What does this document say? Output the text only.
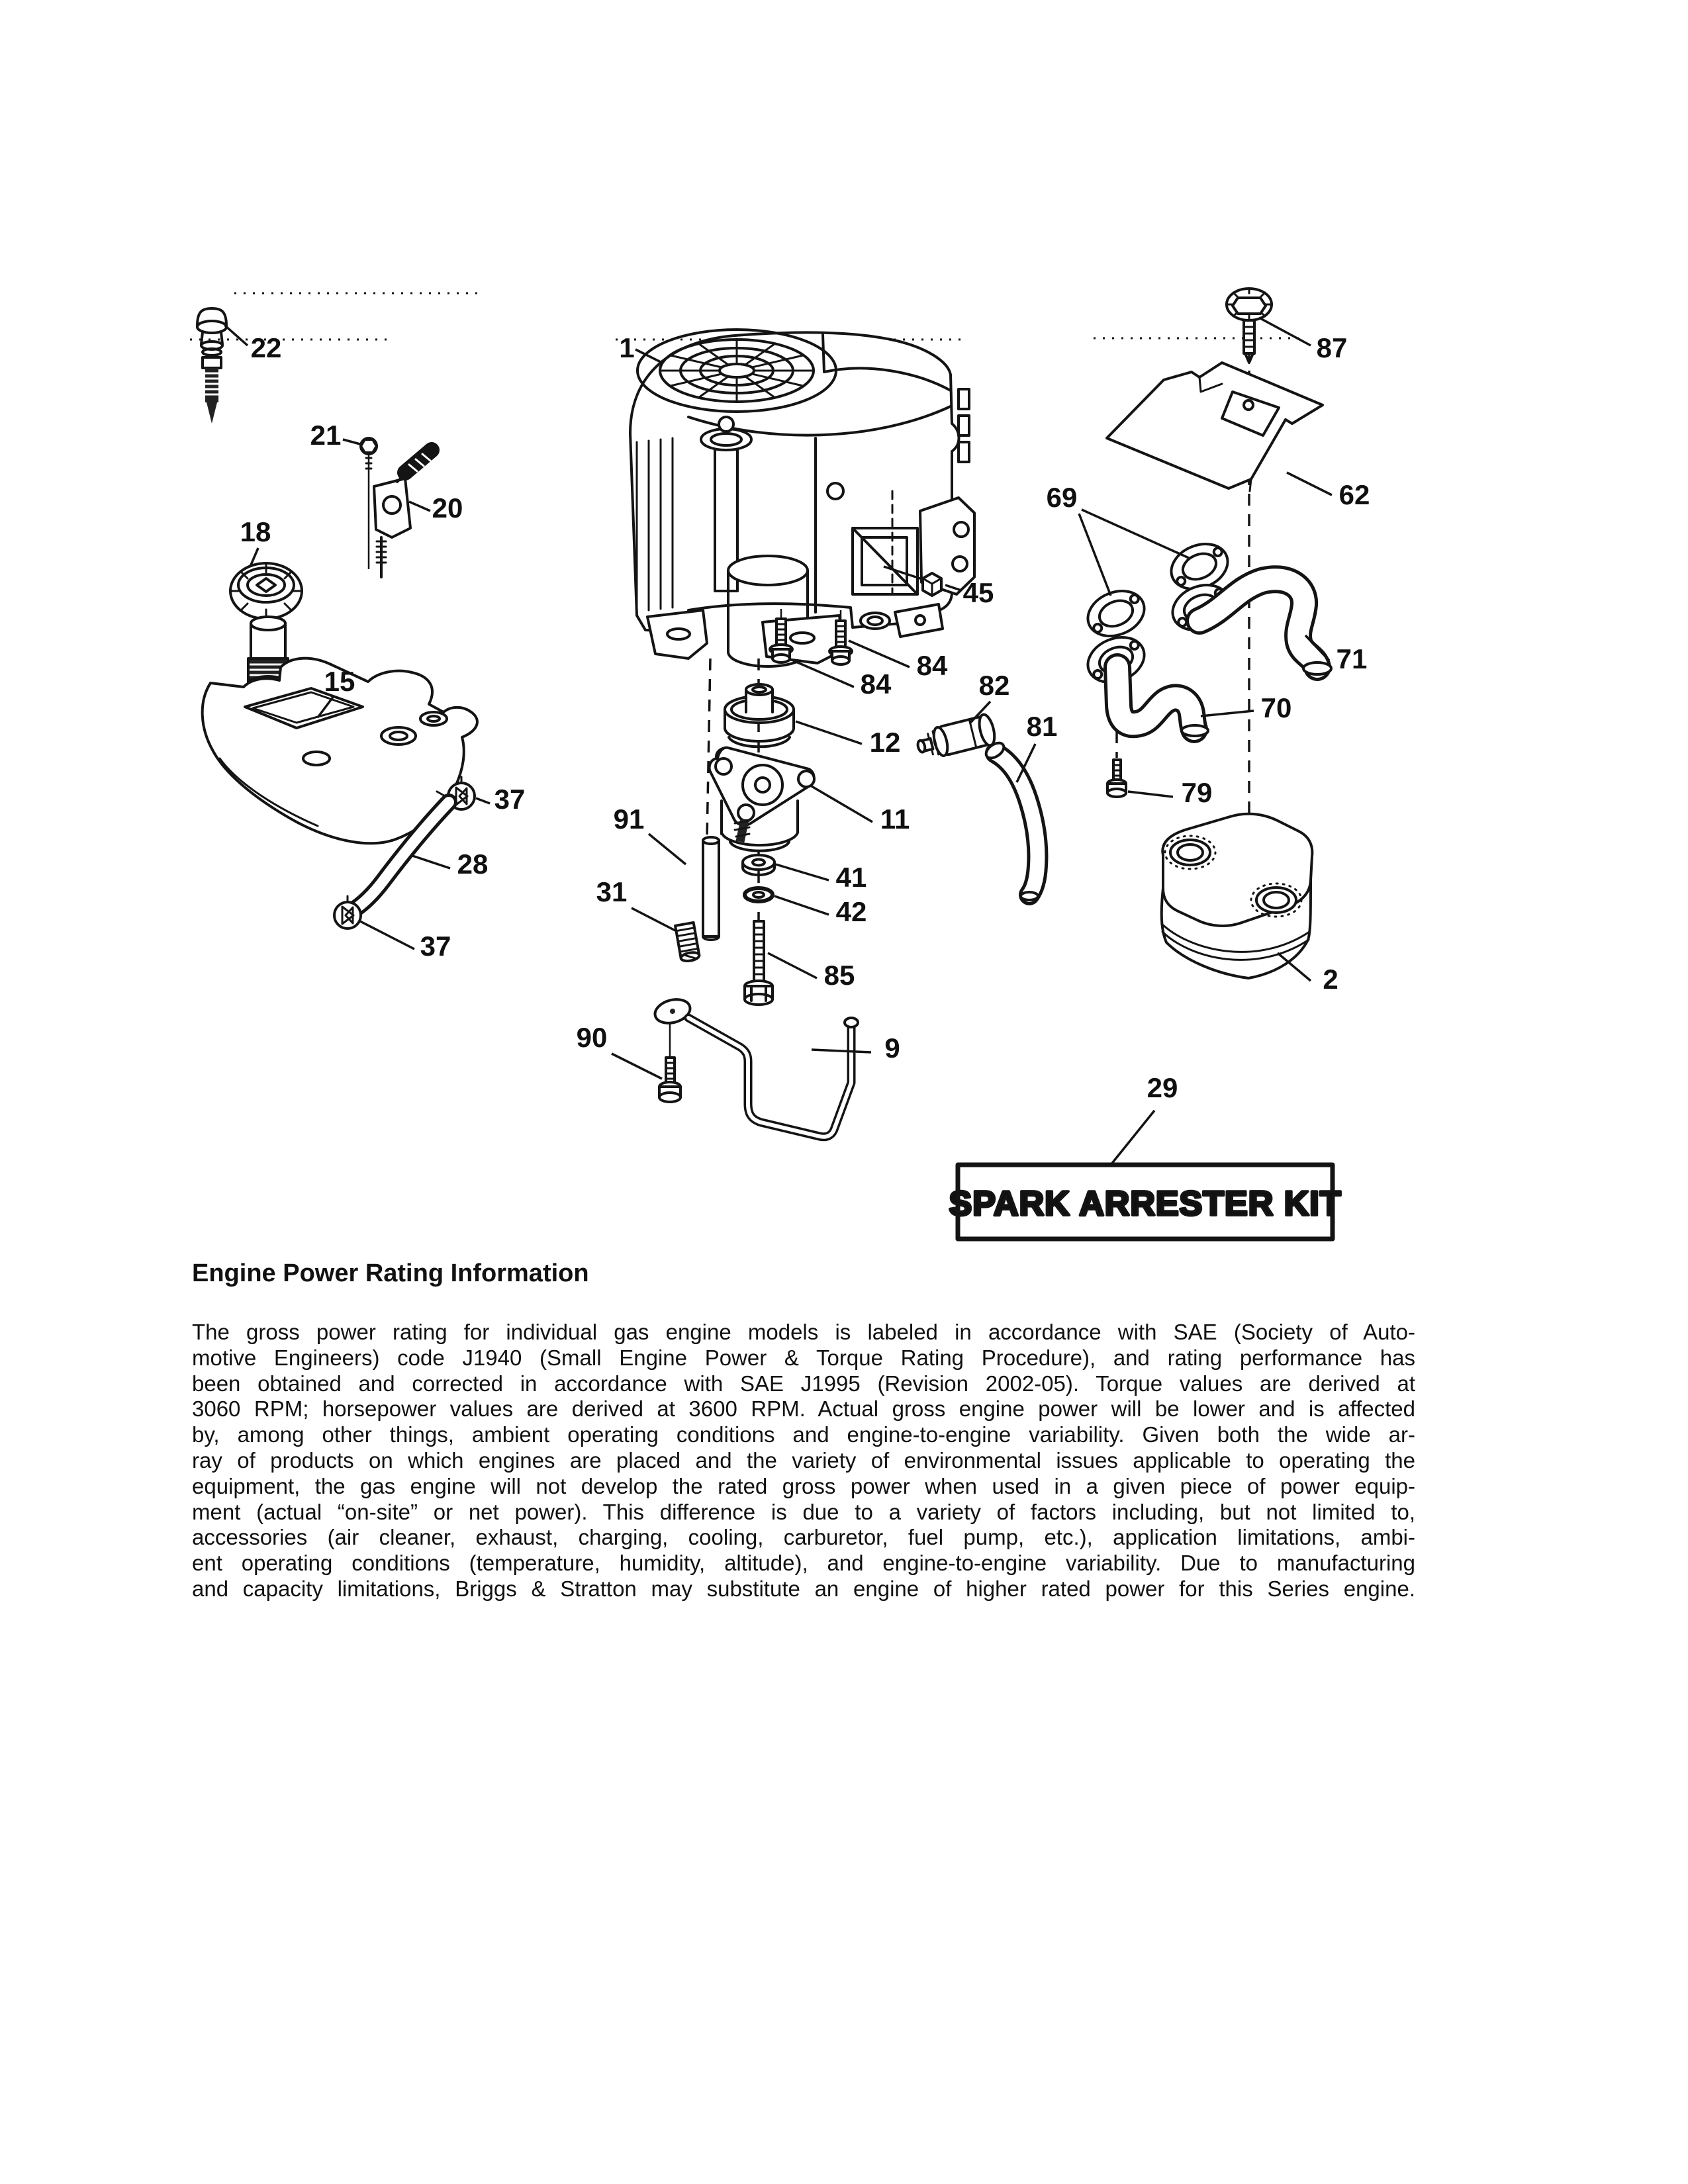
SPARK ARRESTER KIT
1
22	87
21
20
18
62
69
15
45
84
84
71
82
70
81
12
37	79
91	11
28	41
31
42
2
37
85
90	9
29
Engine Power Rating Information
The gross power rating for individual gas engine models is labeled in accordance with SAE (Society of Auto-
motive Engineers) code J1940 (Small Engine Power & Torque Rating Procedure), and rating performance has
been obtained and corrected in accordance with SAE J1995 (Revision 2002-05). Torque values are derived at
3060 RPM; horsepower values are derived at 3600 RPM. Actual gross engine power will be lower and is affected
by, among other things, ambient operating conditions and engine-to-engine variability. Given both the wide ar-
ray of products on which engines are placed and the variety of environmental issues applicable to operating the
equipment, the gas engine will not develop the rated gross power when used in a given piece of power equip-
ment (actual “on-site” or net power). This difference is due to a variety of factors including, but not limited to,
accessories (air cleaner, exhaust, charging, cooling, carburetor, fuel pump, etc.), application limitations, ambi-
ent operating conditions (temperature, humidity, altitude), and engine-to-engine variability. Due to manufacturing
and capacity limitations, Briggs & Stratton may substitute an engine of higher rated power for this Series engine.
